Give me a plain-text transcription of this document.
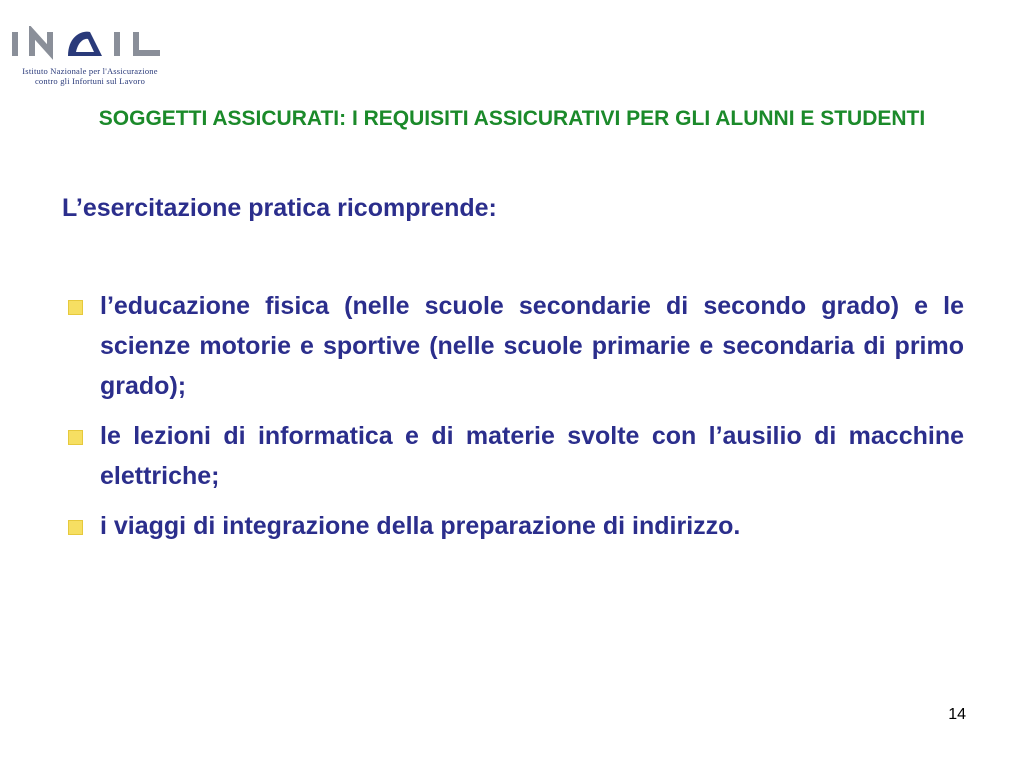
Istituto Nazionale per l'Assicurazione
contro gli Infortuni sul Lavoro
SOGGETTI ASSICURATI: I REQUISITI ASSICURATIVI PER GLI ALUNNI E STUDENTI

L’esercitazione pratica ricomprende:

l’educazione fisica (nelle scuole secondarie di secondo grado) e le scienze motorie e sportive (nelle scuole primarie e secondaria di primo grado);
le lezioni di informatica e di materie svolte con l’ausilio di macchine elettriche;
i viaggi di integrazione della preparazione di indirizzo.
14
